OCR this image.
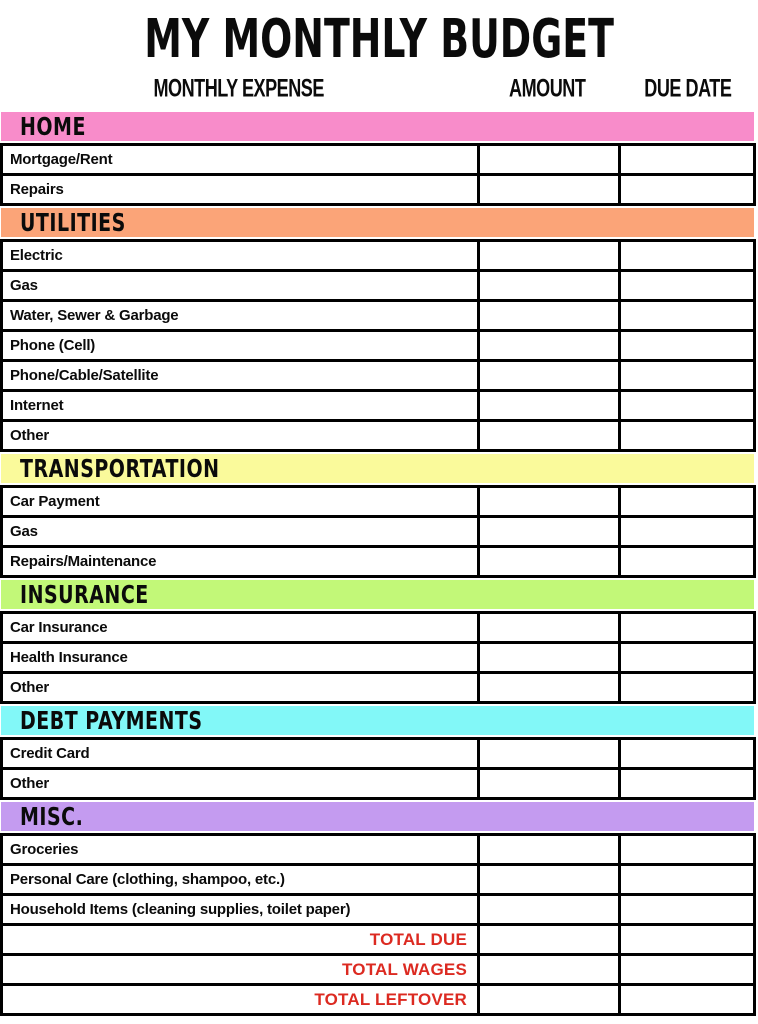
MY MONTHLY BUDGET
MONTHLY EXPENSE	AMOUNT	DUE DATE
HOME
Mortgage/Rent
Repairs
UTILITIES
Electric
Gas
Water, Sewer & Garbage
Phone (Cell)
Phone/Cable/Satellite
Internet
Other
TRANSPORTATION
Car Payment
Gas
Repairs/Maintenance
INSURANCE
Car Insurance
Health Insurance
Other
DEBT PAYMENTS
Credit Card
Other
MISC.
Groceries
Personal Care (clothing, shampoo, etc.)
Household Items (cleaning supplies, toilet paper)
TOTAL DUE
TOTAL WAGES
TOTAL LEFTOVER
